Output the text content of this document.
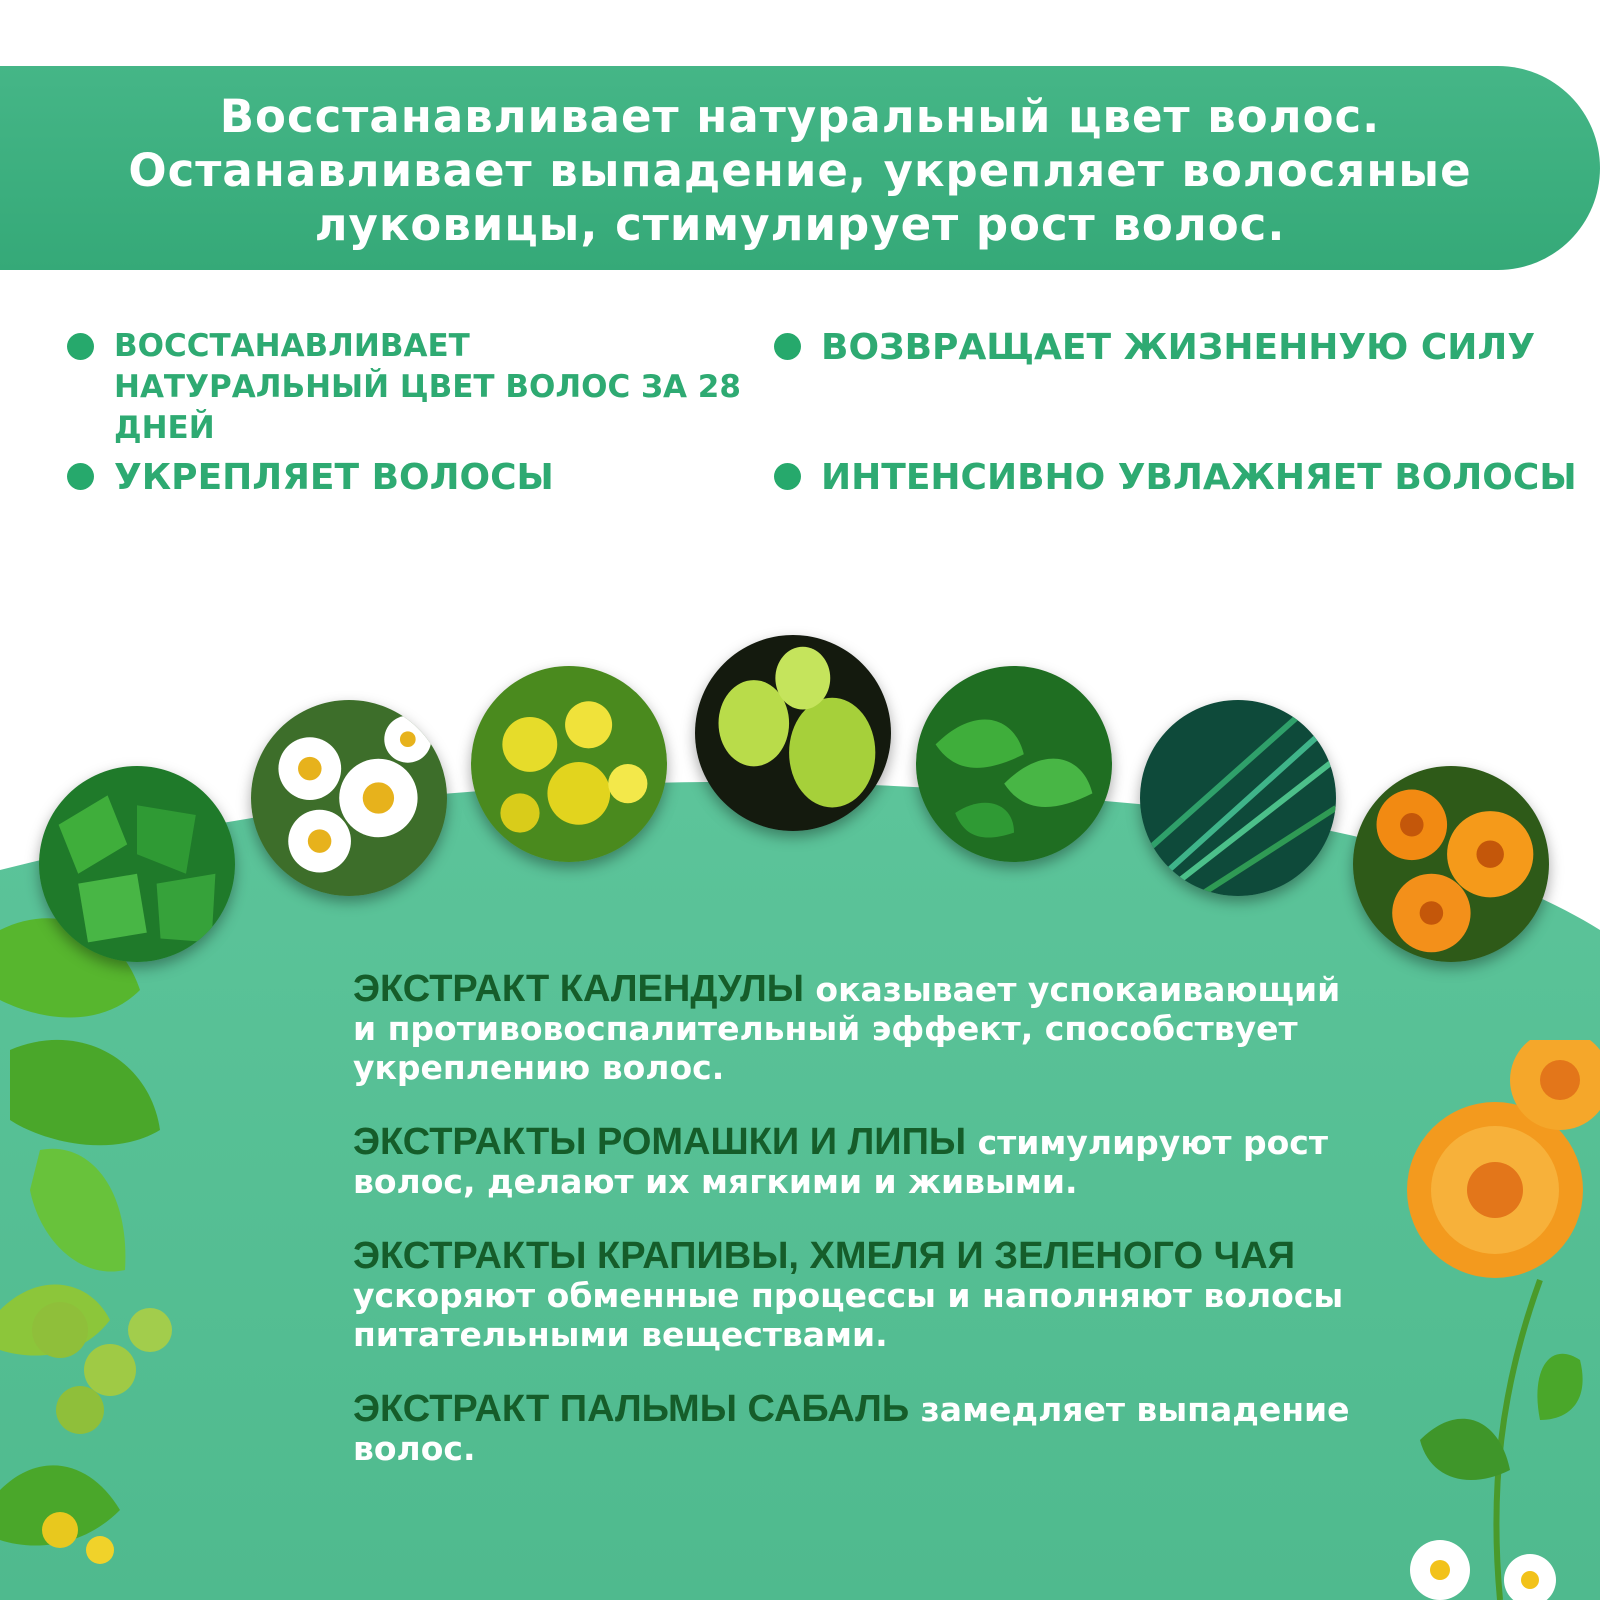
Восстанавливает натуральный цвет волос.
Останавливает выпадение, укрепляет волосяные
луковицы, стимулирует рост волос.
ВОССТАНАВЛИВАЕТ НАТУРАЛЬНЫЙ ЦВЕТ ВОЛОС ЗА 28 ДНЕЙ
ВОЗВРАЩАЕТ ЖИЗНЕННУЮ СИЛУ
УКРЕПЛЯЕТ ВОЛОСЫ	ИНТЕНСИВНО УВЛАЖНЯЕТ ВОЛОСЫ

ЭКСТРАКТ КАЛЕНДУЛЫ оказывает успокаивающий и противовоспалительный эффект, способствует укреплению волос.

ЭКСТРАКТЫ РОМАШКИ И ЛИПЫ стимулируют рост волос, делают их мягкими и живыми.

ЭКСТРАКТЫ КРАПИВЫ, ХМЕЛЯ И ЗЕЛЕНОГО ЧАЯ ускоряют обменные процессы и наполняют волосы питательными веществами.

ЭКСТРАКТ ПАЛЬМЫ САБАЛЬ замедляет выпадение волос.
